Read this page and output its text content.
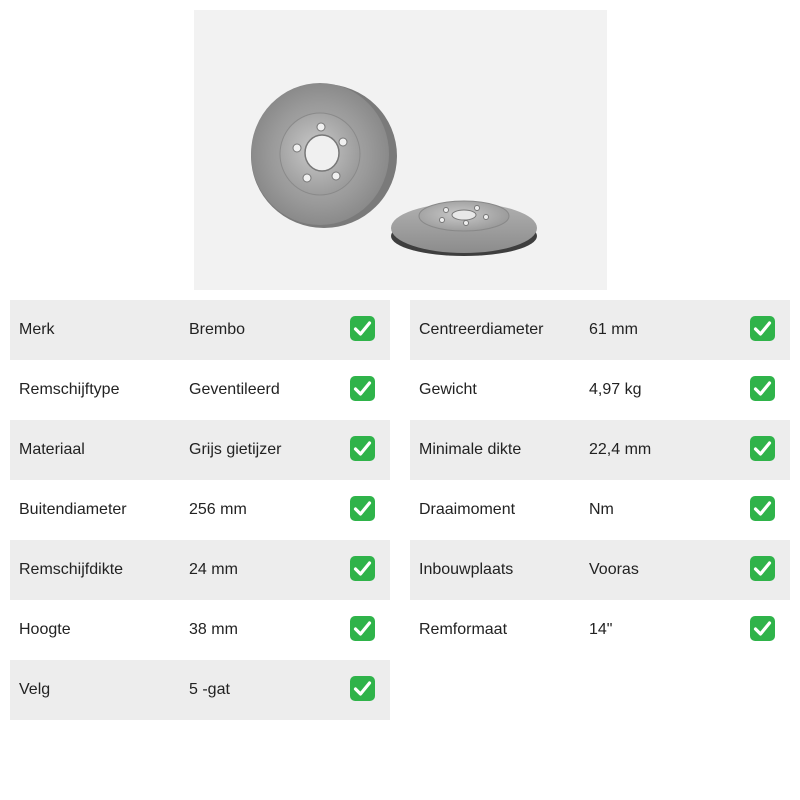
Merk	Brembo
Remschijftype	Geventileerd
Materiaal	Grijs gietijzer
Buitendiameter	256 mm
Remschijfdikte	24 mm
Hoogte	38 mm
Velg	5 -gat
Centreerdiameter	61 mm
Gewicht	4,97 kg
Minimale dikte	22,4 mm
Draaimoment	Nm
Inbouwplaats	Vooras
Remformaat	14"
